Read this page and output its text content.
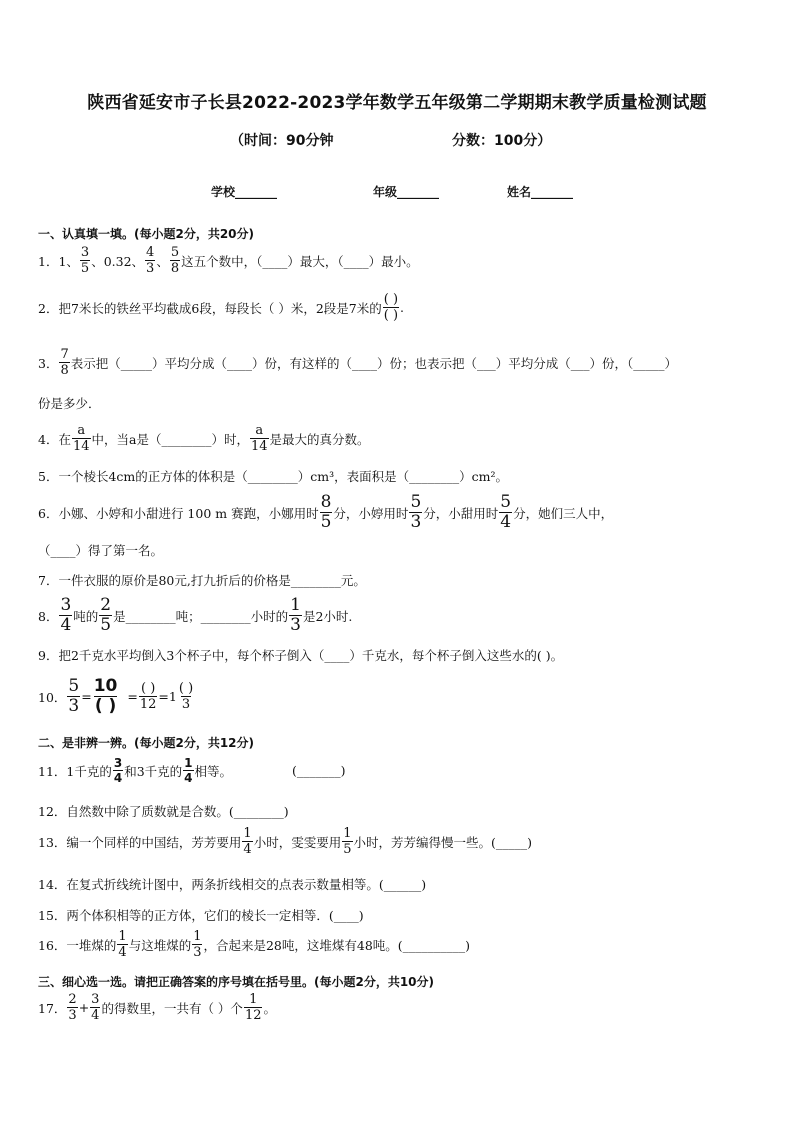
陕西省延安市子长县2022-2023学年数学五年级第二学期期末教学质量检测试题
（时间：90分钟	分数：100分）
学校_______	年级_______	姓名_______
一、认真填一填。(每小题2分，共20分)
1．1、 $\frac{3}{5}$ 、0.32、 $\frac{4}{3}$ 、 $\frac{5}{8}$ 这五个数中，（____）最大，（____）最小。
2．把7米长的铁丝平均截成6段，每段长（ ）米，2段是7米的 $\frac{( )}{( )}$ .
3． $\frac{7}{8}$ 表示把（_____）平均分成（____）份，有这样的（____）份；也表示把（___）平均分成（___）份，（_____）
份是多少．
4．在 $\frac{a}{14}$ 中，当a是（________）时， $\frac{a}{14}$ 是最大的真分数。
5．一个棱长4cm的正方体的体积是（________）cm³，表面积是（________）cm²。
6．小娜、小婷和小甜进行 100 m 赛跑，小娜用时 $\frac{8}{5}$ 分，小婷用时 $\frac{5}{3}$ 分，小甜用时 $\frac{5}{4}$ 分，她们三人中，
（____）得了第一名。
7．一件衣服的原价是80元,打九折后的价格是________元。
8． $\frac{3}{4}$ 吨的 $\frac{2}{5}$ 是________吨；________小时的 $\frac{1}{3}$ 是2小时.
9．把2千克水平均倒入3个杯子中，每个杯子倒入（____）千克水，每个杯子倒入这些水的( )。
10． $\frac{5}{3} = \frac{10}{( )} = \frac{( )}{12} =1 \frac{( )}{3}$
二、是非辨一辨。(每小题2分，共12分)
11．1千克的 $\frac{3}{4}$ 和3千克的 $\frac{1}{4}$ 相等。	(_______)
12．自然数中除了质数就是合数。(________)
13．编一个同样的中国结，芳芳要用 $\frac{1}{4}$ 小时，雯雯要用 $\frac{1}{5}$ 小时，芳芳编得慢一些。(_____)
14．在复式折线统计图中，两条折线相交的点表示数量相等。(______)
15．两个体积相等的正方体，它们的棱长一定相等．(____)
16．一堆煤的 $\frac{1}{4}$ 与这堆煤的 $\frac{1}{3}$ ，合起来是28吨，这堆煤有48吨。(__________)
三、细心选一选。请把正确答案的序号填在括号里。(每小题2分，共10分)
17． $\frac{2}{3} + \frac{3}{4}$ 的得数里，一共有（ ）个 $\frac{1}{12}$ 。
